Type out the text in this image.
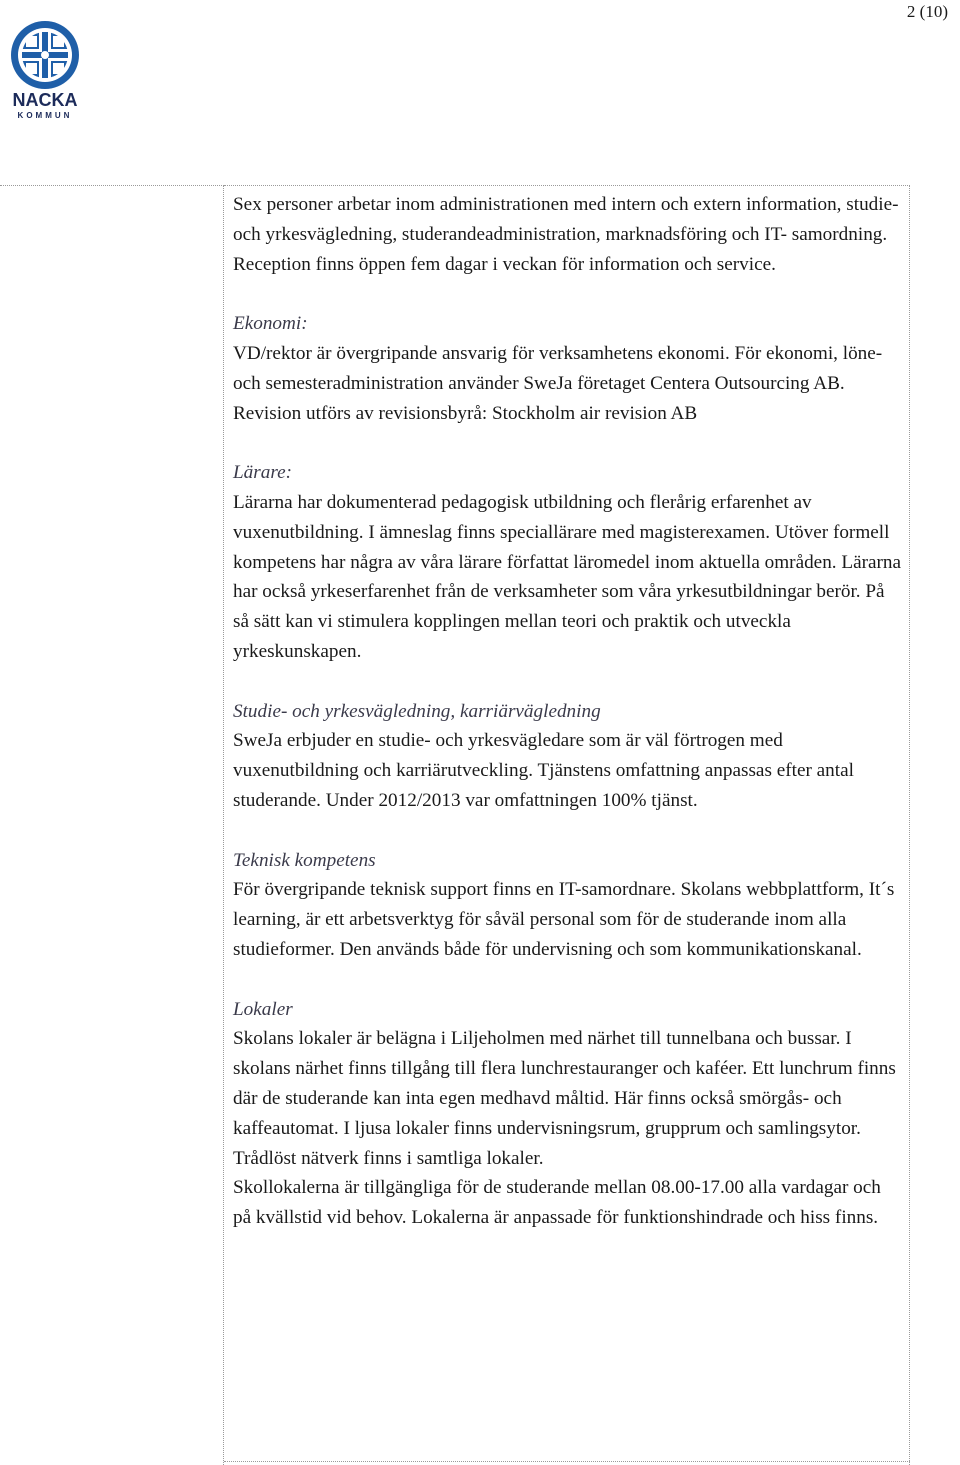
NACKA
KOMMUN
2 (10)

Sex personer arbetar inom administrationen med intern och extern information, studie- och yrkesvägledning, studerandeadministration, marknadsföring och IT- samordning. Reception finns öppen fem dagar i veckan för information och service.

Ekonomi:

VD/rektor är övergripande ansvarig för verksamhetens ekonomi. För ekonomi, löne- och semesteradministration använder SweJa företaget Centera Outsourcing AB. Revision utförs av revisionsbyrå: Stockholm air revision AB

Lärare:

Lärarna har dokumenterad pedagogisk utbildning och flerårig erfarenhet av vuxenutbildning. I ämneslag finns speciallärare med magisterexamen. Utöver formell kompetens har några av våra lärare författat läromedel inom aktuella områden. Lärarna har också yrkeserfarenhet från de verksamheter som våra yrkesutbildningar berör. På så sätt kan vi stimulera kopplingen mellan teori och praktik och utveckla yrkeskunskapen.

Studie- och yrkesvägledning, karriärvägledning

SweJa erbjuder en studie- och yrkesvägledare som är väl förtrogen med vuxenutbildning och karriärutveckling. Tjänstens omfattning anpassas efter antal studerande. Under 2012/2013 var omfattningen 100% tjänst.

Teknisk kompetens

För övergripande teknisk support finns en IT-samordnare. Skolans webbplattform, It´s learning, är ett arbetsverktyg för såväl personal som för de studerande inom alla studieformer. Den används både för undervisning och som kommunikationskanal.

Lokaler

Skolans lokaler är belägna i Liljeholmen med närhet till tunnelbana och bussar. I skolans närhet finns tillgång till flera lunchrestauranger och kaféer. Ett lunchrum finns där de studerande kan inta egen medhavd måltid. Här finns också smörgås- och kaffeautomat. I ljusa lokaler finns undervisningsrum, grupprum och samlingsytor. Trådlöst nätverk finns i samtliga lokaler.

Skollokalerna är tillgängliga för de studerande mellan 08.00-17.00 alla vardagar och på kvällstid vid behov. Lokalerna är anpassade för funktionshindrade och hiss finns.
